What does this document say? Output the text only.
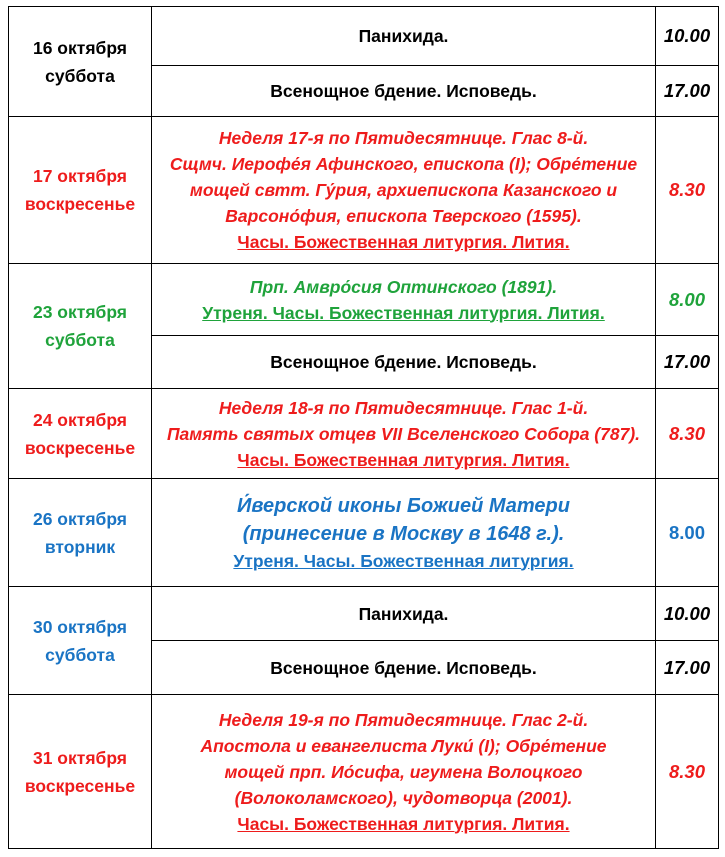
16 октября
суббота	Панихида.	10.00
	Всенощное бдение. Исповедь.	17.00
17 октября
воскресенье	Неделя 17-я по Пятидесятнице. Глас 8-й.
Сщмч. Иерофе́я Афинского, епископа (I); Обре́тение
мощей свтт. Гу́рия, архиепископа Казанского и
Варсоно́фия, епископа Тверского (1595).
Часы. Божественная литургия. Лития.	8.30
23 октября
суббота	Прп. Амвро́сия Оптинского (1891).
Утреня. Часы. Божественная литургия. Лития.	8.00
	Всенощное бдение. Исповедь.	17.00
24 октября
воскресенье	Неделя 18-я по Пятидесятнице. Глас 1-й.
Память святых отцев VII Вселенского Собора (787).
Часы. Божественная литургия. Лития.	8.30
26 октября
вторник	И́верской иконы Божией Матери
(принесение в Москву в 1648 г.).
Утреня. Часы. Божественная литургия.	8.00
30 октября
суббота	Панихида.	10.00
	Всенощное бдение. Исповедь.	17.00
31 октября
воскресенье	Неделя 19-я по Пятидесятнице. Глас 2-й.
Апостола и евангелиста Луки́ (I); Обре́тение
мощей прп. Ио́сифа, игумена Волоцкого
(Волоколамского), чудотворца (2001).
Часы. Божественная литургия. Лития.	8.30
